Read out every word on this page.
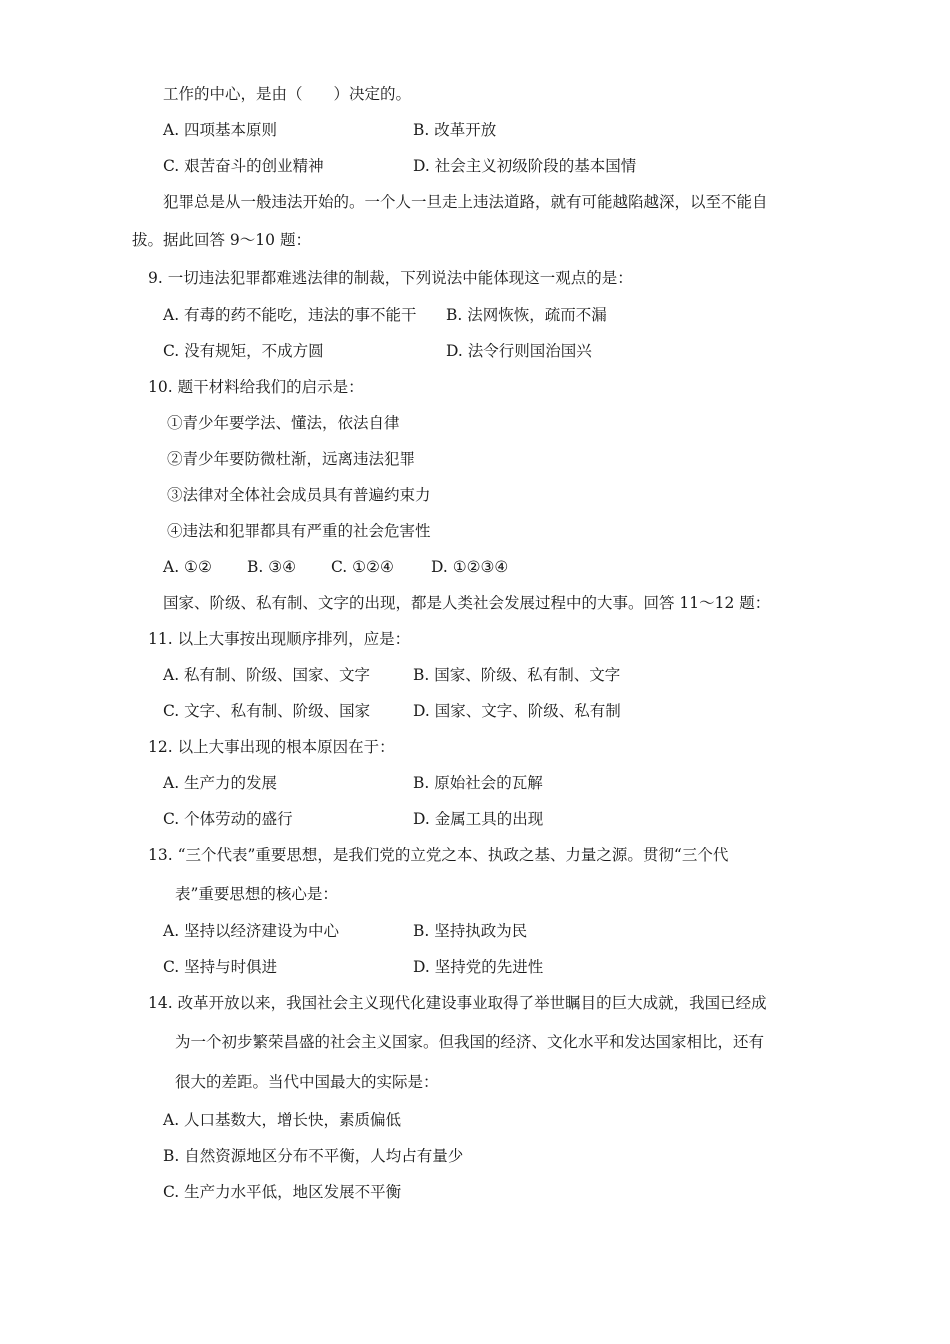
工作的中心，是由（　　）决定的。
A. 四项基本原则	B. 改革开放
C. 艰苦奋斗的创业精神	D. 社会主义初级阶段的基本国情
犯罪总是从一般违法开始的。一个人一旦走上违法道路，就有可能越陷越深，以至不能自
拔。据此回答 9～10 题：
9. 一切违法犯罪都难逃法律的制裁，下列说法中能体现这一观点的是：
A. 有毒的药不能吃，违法的事不能干 B. 法网恢恢，疏而不漏
C. 没有规矩，不成方圆	D. 法令行则国治国兴
10. 题干材料给我们的启示是：
①青少年要学法、懂法，依法自律
②青少年要防微杜渐，远离违法犯罪
③法律对全体社会成员具有普遍约束力
④违法和犯罪都具有严重的社会危害性
A. ①② B. ③④ C. ①②④ D. ①②③④
国家、阶级、私有制、文字的出现，都是人类社会发展过程中的大事。回答 11～12 题：
11. 以上大事按出现顺序排列，应是：
A. 私有制、阶级、国家、文字	B. 国家、阶级、私有制、文字
C. 文字、私有制、阶级、国家	D. 国家、文字、阶级、私有制
12. 以上大事出现的根本原因在于：
A. 生产力的发展	B. 原始社会的瓦解
C. 个体劳动的盛行	D. 金属工具的出现
13. “三个代表”重要思想，是我们党的立党之本、执政之基、力量之源。贯彻“三个代
表”重要思想的核心是：
A. 坚持以经济建设为中心	B. 坚持执政为民
C. 坚持与时俱进	D. 坚持党的先进性
14. 改革开放以来，我国社会主义现代化建设事业取得了举世瞩目的巨大成就，我国已经成
为一个初步繁荣昌盛的社会主义国家。但我国的经济、文化水平和发达国家相比，还有
很大的差距。当代中国最大的实际是：
A. 人口基数大，增长快，素质偏低
B. 自然资源地区分布不平衡，人均占有量少
C. 生产力水平低，地区发展不平衡
